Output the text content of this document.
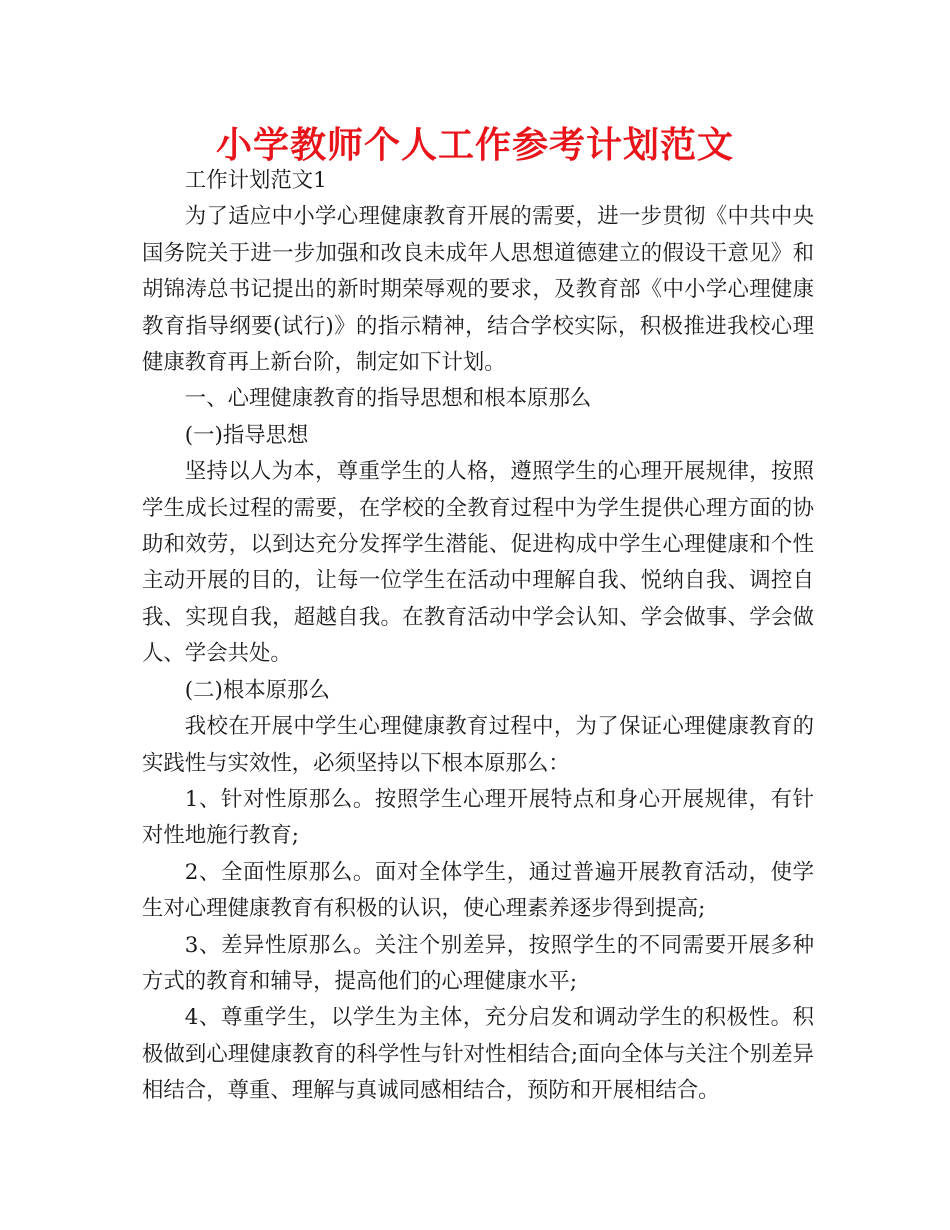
小学教师个人工作参考计划范文

工作计划范文1

为了适应中小学心理健康教育开展的需要，进一步贯彻《中共中央国务院关于进一步加强和改良未成年人思想道德建立的假设干意见》和胡锦涛总书记提出的新时期荣辱观的要求，及教育部《中小学心理健康教育指导纲要(试行)》的指示精神，结合学校实际，积极推进我校心理健康教育再上新台阶，制定如下计划。

一、心理健康教育的指导思想和根本原那么

(一)指导思想

坚持以人为本，尊重学生的人格，遵照学生的心理开展规律，按照学生成长过程的需要，在学校的全教育过程中为学生提供心理方面的协助和效劳，以到达充分发挥学生潜能、促进构成中学生心理健康和个性主动开展的目的，让每一位学生在活动中理解自我、悦纳自我、调控自我、实现自我，超越自我。在教育活动中学会认知、学会做事、学会做人、学会共处。

(二)根本原那么

我校在开展中学生心理健康教育过程中，为了保证心理健康教育的实践性与实效性，必须坚持以下根本原那么：

1、针对性原那么。按照学生心理开展特点和身心开展规律，有针对性地施行教育;

2、全面性原那么。面对全体学生，通过普遍开展教育活动，使学生对心理健康教育有积极的认识，使心理素养逐步得到提高;

3、差异性原那么。关注个别差异，按照学生的不同需要开展多种方式的教育和辅导，提高他们的心理健康水平;

4、尊重学生，以学生为主体，充分启发和调动学生的积极性。积极做到心理健康教育的科学性与针对性相结合;面向全体与关注个别差异相结合，尊重、理解与真诚同感相结合，预防和开展相结合。
